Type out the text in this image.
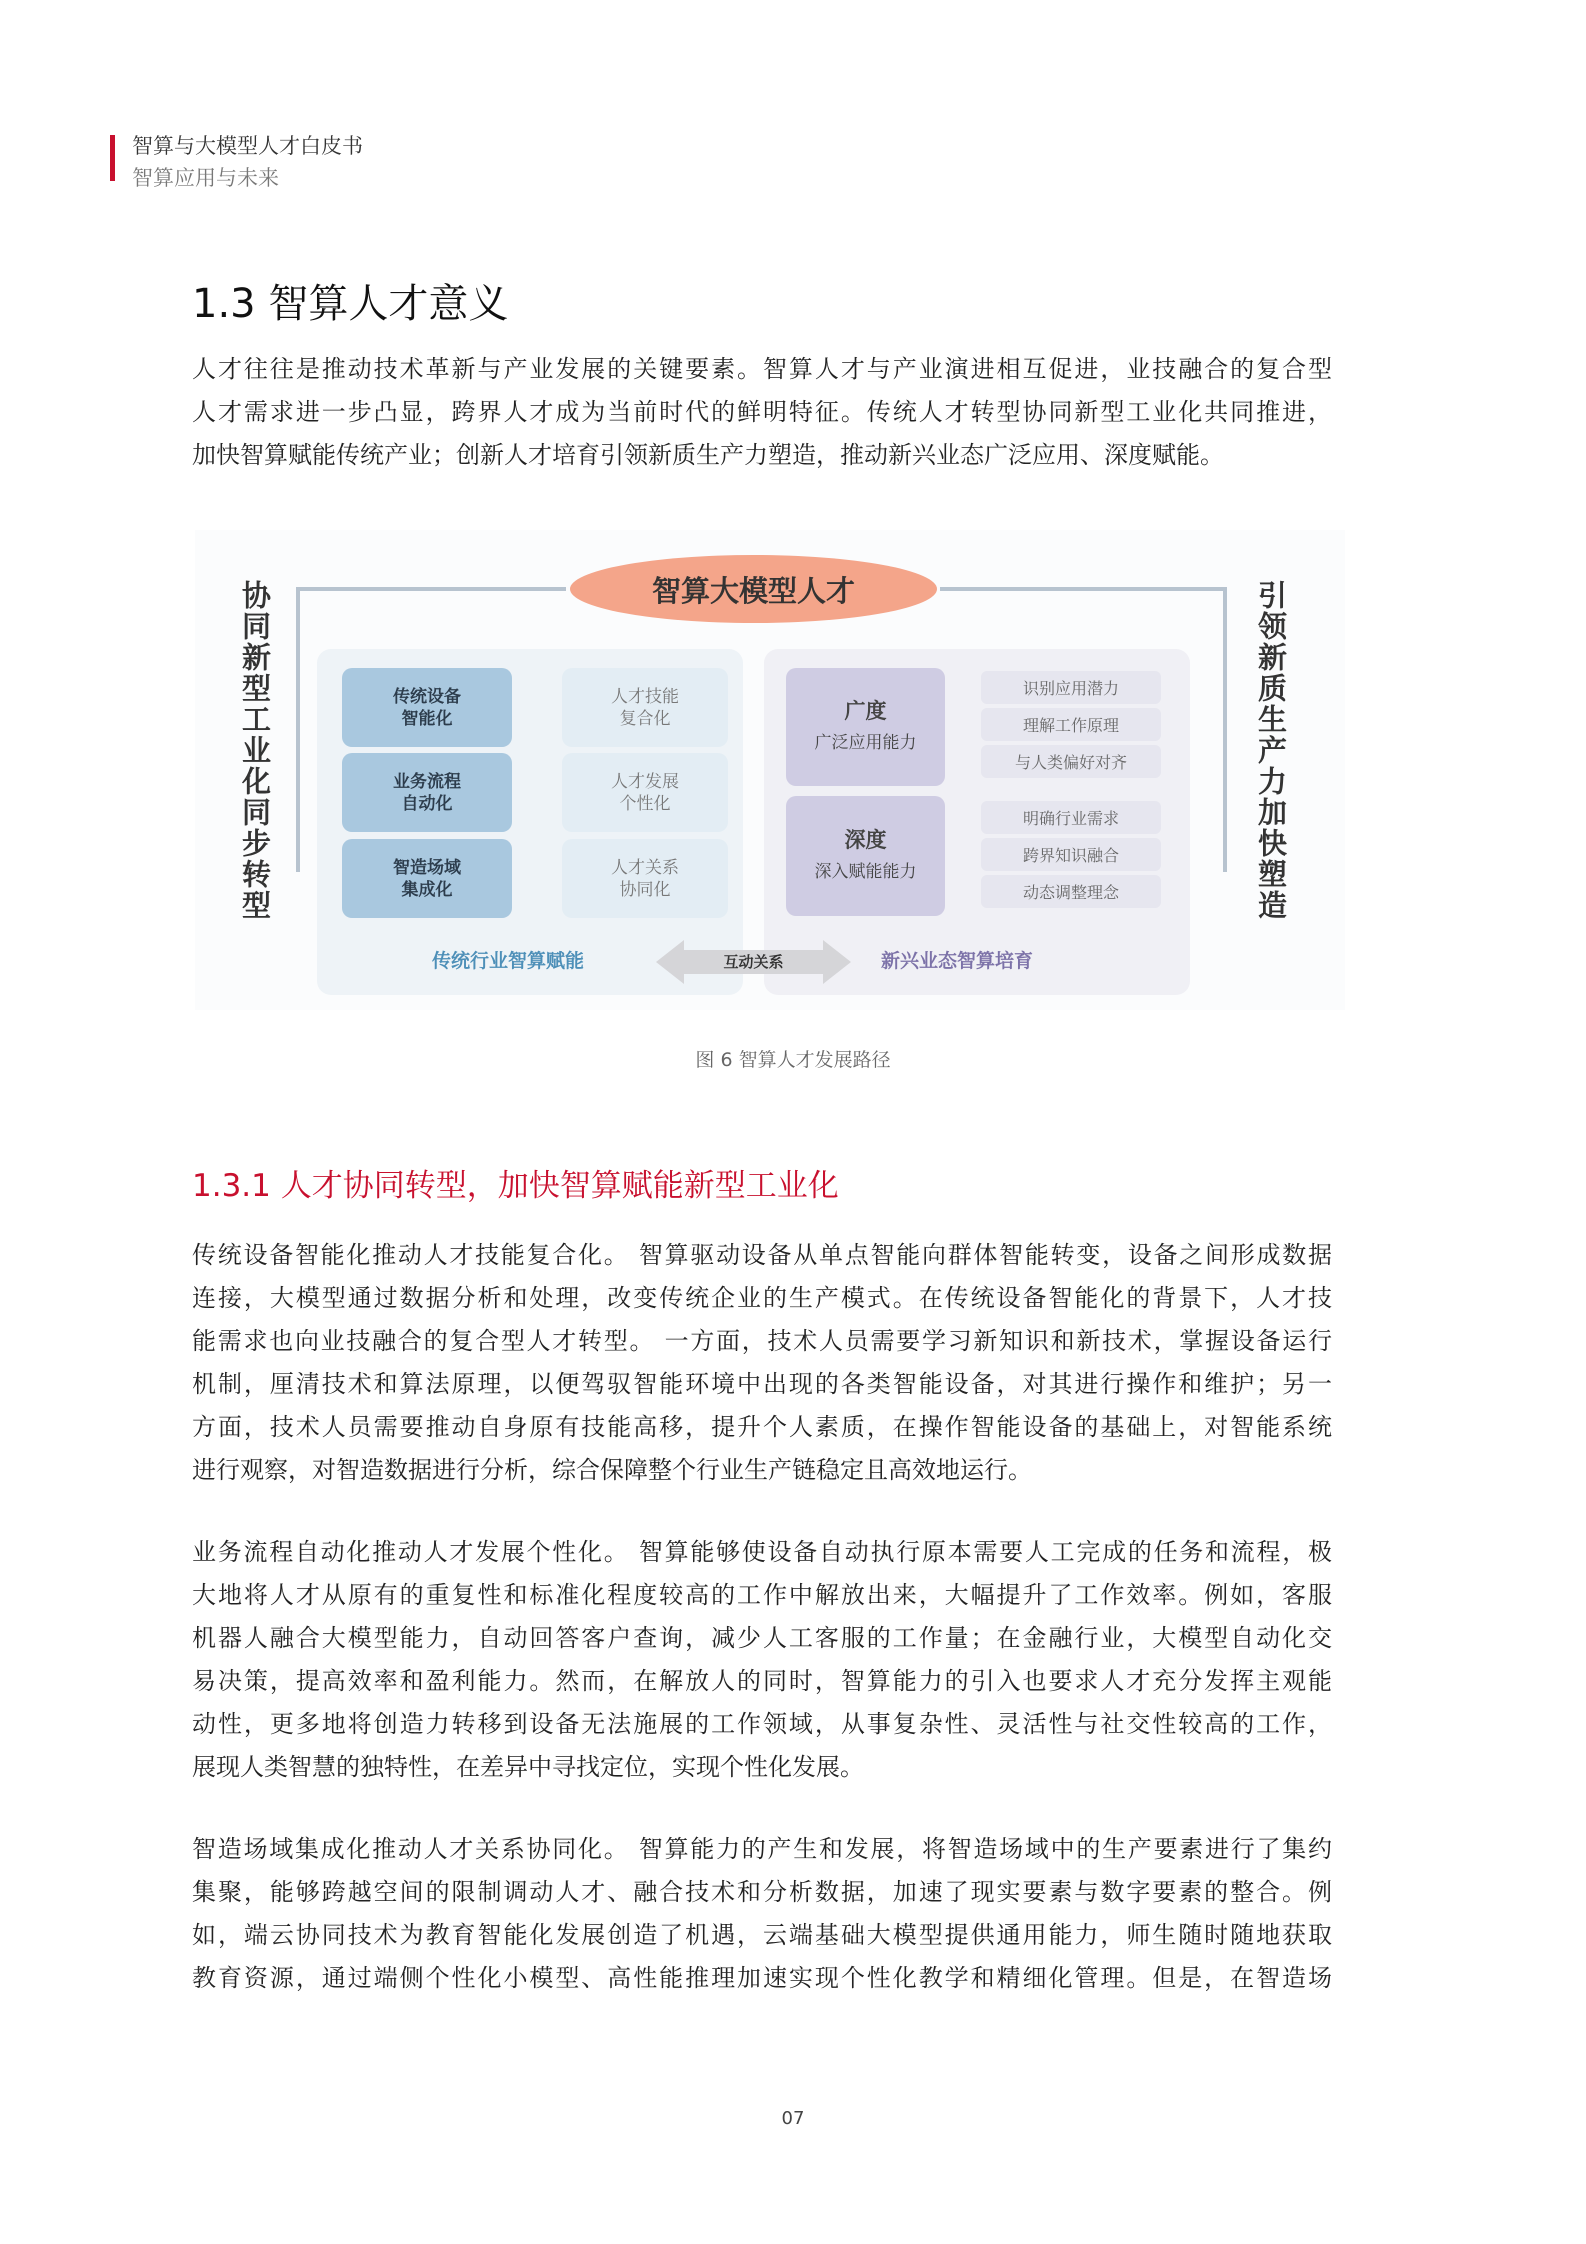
智算与大模型人才白皮书
智算应用与未来
1.3 智算人才意义
人才往往是推动技术革新与产业发展的关键要素。智算人才与产业演进相互促进，业技融合的复合型
人才需求进一步凸显，跨界人才成为当前时代的鲜明特征。传统人才转型协同新型工业化共同推进，
加快智算赋能传统产业；创新人才培育引领新质生产力塑造，推动新兴业态广泛应用、深度赋能。
协同新型工业化同步转型	引领新质生产力加快塑造
智算大模型人才
传统设备
智能化
人才技能
复合化
业务流程
自动化
人才发展
个性化
智造场域
集成化
人才关系
协同化
广度
广泛应用能力
深度
深入赋能能力
识别应用潜力
理解工作原理
与人类偏好对齐
明确行业需求
跨界知识融合
动态调整理念
传统行业智算赋能	互动关系	新兴业态智算培育
图 6 智算人才发展路径
1.3.1 人才协同转型，加快智算赋能新型工业化
传统设备智能化推动人才技能复合化。 智算驱动设备从单点智能向群体智能转变，设备之间形成数据
连接，大模型通过数据分析和处理，改变传统企业的生产模式。在传统设备智能化的背景下，人才技
能需求也向业技融合的复合型人才转型。 一方面，技术人员需要学习新知识和新技术，掌握设备运行
机制，厘清技术和算法原理，以便驾驭智能环境中出现的各类智能设备，对其进行操作和维护；另一
方面，技术人员需要推动自身原有技能高移，提升个人素质，在操作智能设备的基础上，对智能系统
进行观察，对智造数据进行分析，综合保障整个行业生产链稳定且高效地运行。
业务流程自动化推动人才发展个性化。 智算能够使设备自动执行原本需要人工完成的任务和流程，极
大地将人才从原有的重复性和标准化程度较高的工作中解放出来，大幅提升了工作效率。例如，客服
机器人融合大模型能力，自动回答客户查询，减少人工客服的工作量；在金融行业，大模型自动化交
易决策，提高效率和盈利能力。然而，在解放人的同时，智算能力的引入也要求人才充分发挥主观能
动性，更多地将创造力转移到设备无法施展的工作领域，从事复杂性、灵活性与社交性较高的工作，
展现人类智慧的独特性，在差异中寻找定位，实现个性化发展。
智造场域集成化推动人才关系协同化。 智算能力的产生和发展，将智造场域中的生产要素进行了集约
集聚，能够跨越空间的限制调动人才、融合技术和分析数据，加速了现实要素与数字要素的整合。例
如，端云协同技术为教育智能化发展创造了机遇，云端基础大模型提供通用能力，师生随时随地获取
教育资源，通过端侧个性化小模型、高性能推理加速实现个性化教学和精细化管理。但是，在智造场
07
